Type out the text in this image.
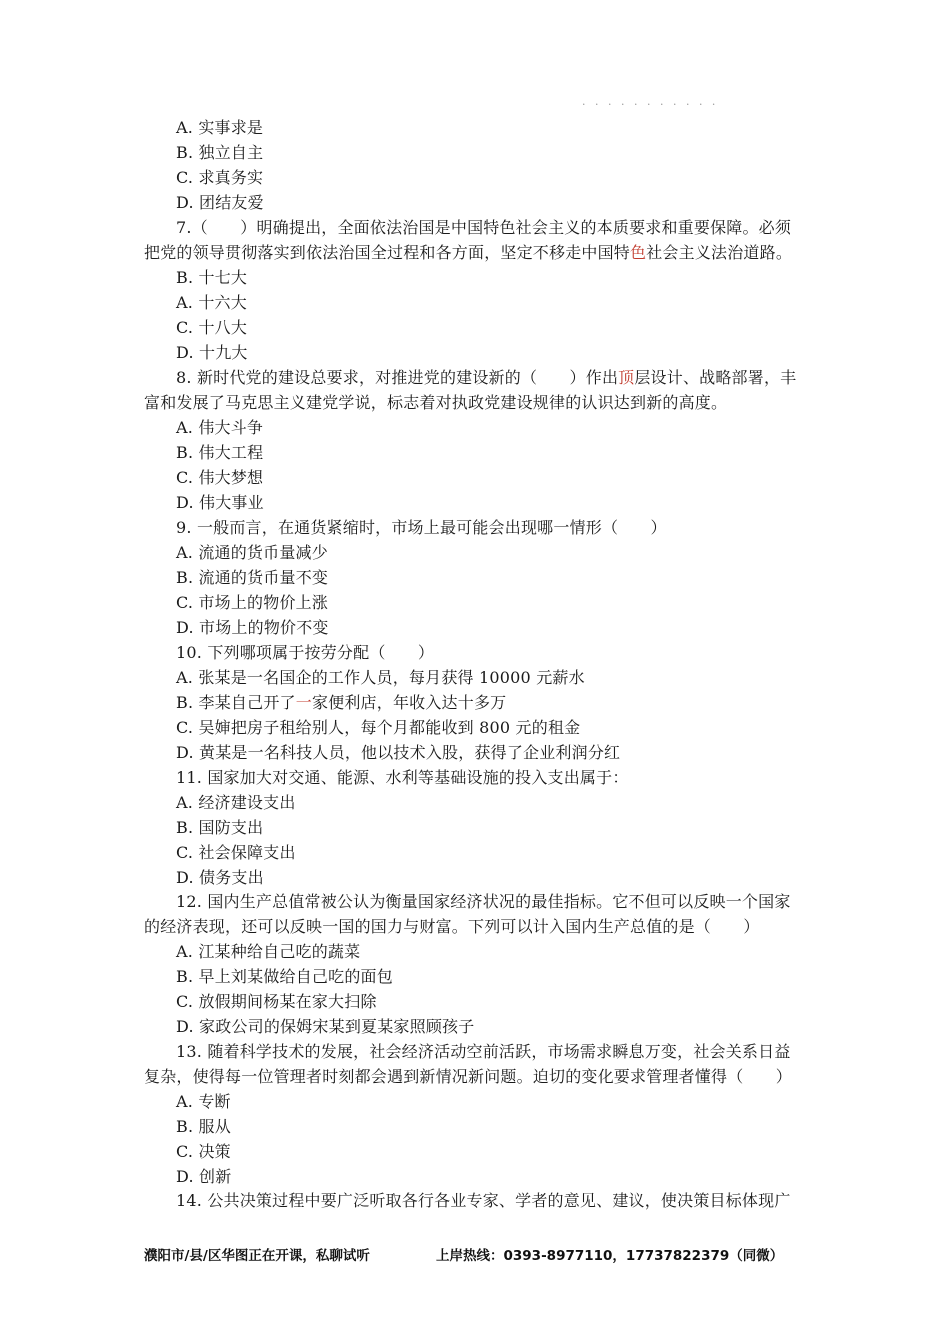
· · · · · · · · · · ·
A. 实事求是
B. 独立自主
C. 求真务实
D. 团结友爱
7.（　　）明确提出，全面依法治国是中国特色社会主义的本质要求和重要保障。必须
把党的领导贯彻落实到依法治国全过程和各方面，坚定不移走中国特色社会主义法治道路。
B. 十七大
A. 十六大
C. 十八大
D. 十九大
8. 新时代党的建设总要求，对推进党的建设新的（　　）作出顶层设计、战略部署，丰
富和发展了马克思主义建党学说，标志着对执政党建设规律的认识达到新的高度。
A. 伟大斗争
B. 伟大工程
C. 伟大梦想
D. 伟大事业
9. 一般而言，在通货紧缩时，市场上最可能会出现哪一情形（　　）
A. 流通的货币量减少
B. 流通的货币量不变
C. 市场上的物价上涨
D. 市场上的物价不变
10. 下列哪项属于按劳分配（　　）
A. 张某是一名国企的工作人员，每月获得 10000 元薪水
B. 李某自己开了一家便利店，年收入达十多万
C. 吴婶把房子租给别人，每个月都能收到 800 元的租金
D. 黄某是一名科技人员，他以技术入股，获得了企业利润分红
11. 国家加大对交通、能源、水利等基础设施的投入支出属于：
A. 经济建设支出
B. 国防支出
C. 社会保障支出
D. 债务支出
12. 国内生产总值常被公认为衡量国家经济状况的最佳指标。它不但可以反映一个国家
的经济表现，还可以反映一国的国力与财富。下列可以计入国内生产总值的是（　　）
A. 江某种给自己吃的蔬菜
B. 早上刘某做给自己吃的面包
C. 放假期间杨某在家大扫除
D. 家政公司的保姆宋某到夏某家照顾孩子
13. 随着科学技术的发展，社会经济活动空前活跃，市场需求瞬息万变，社会关系日益
复杂，使得每一位管理者时刻都会遇到新情况新问题。迫切的变化要求管理者懂得（　　）
A. 专断
B. 服从
C. 决策
D. 创新
14. 公共决策过程中要广泛听取各行各业专家、学者的意见、建议，使决策目标体现广
濮阳市/县/区华图正在开课，私聊试听	上岸热线：0393-8977110，17737822379（同微）
